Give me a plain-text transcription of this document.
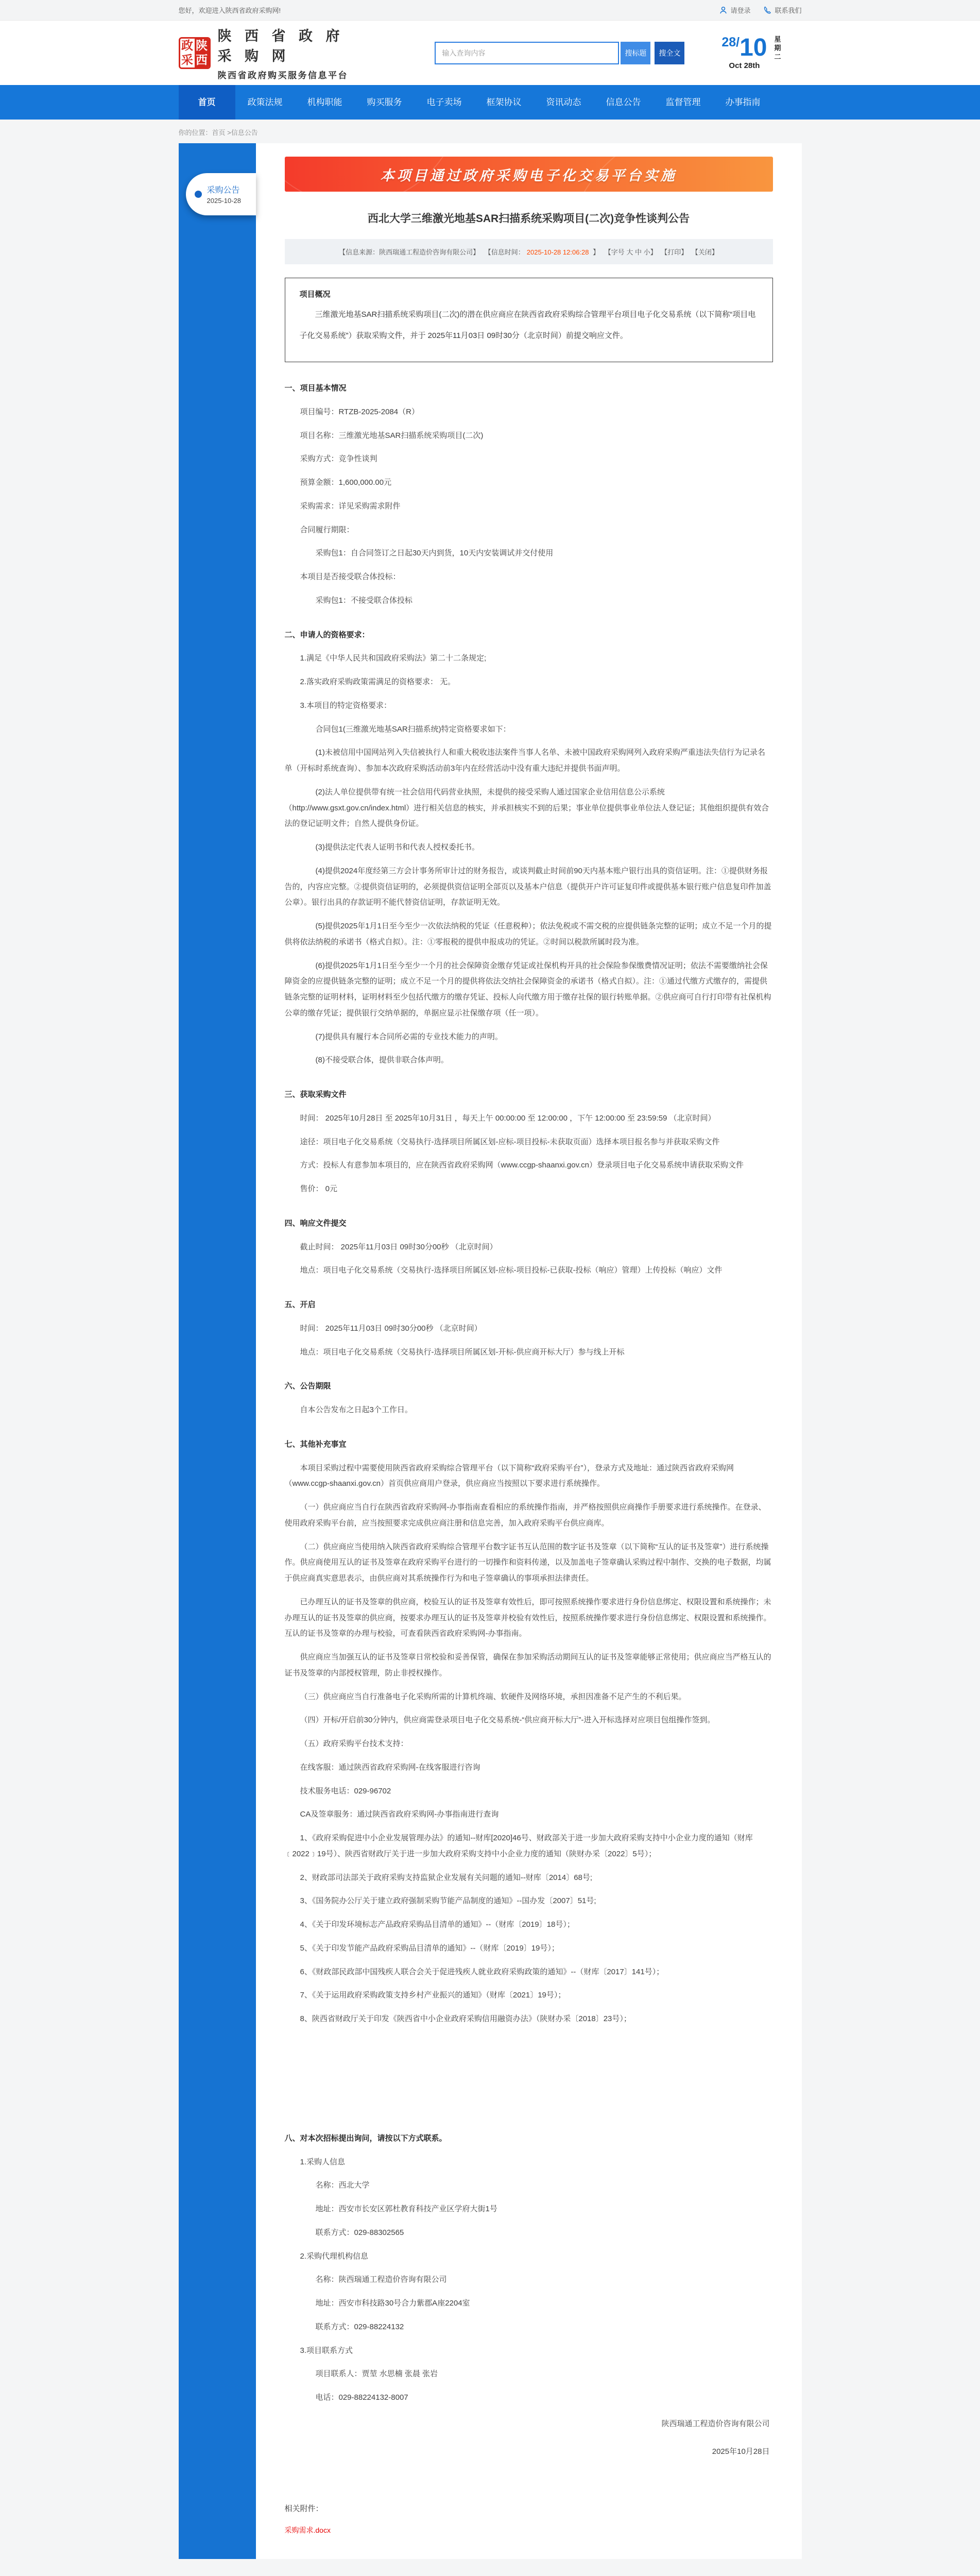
您好，欢迎进入陕西省政府采购网!	请登录	联系我们
政 陕
采 西
陕 西 省 政 府 采 购 网
陕西省政府购买服务信息平台
输入查询内容
搜标题	搜全文
28/10
Oct 28th
星期二
首页	政策法规	机构职能	购买服务	电子卖场	框架协议	资讯动态	信息公告	监督管理	办事指南
你的位置：首页 >信息公告
采购公告
2025-10-28
本项目通过政府采购电子化交易平台实施
西北大学三维激光地基SAR扫描系统采购项目(二次)竞争性谈判公告
【信息来源：陕西瑞通工程造价咨询有限公司】 【信息时间： 2025-10-28 12:06:28 】 【字号 大 中 小】 【打印】 【关闭】
项目概况
三维激光地基SAR扫描系统采购项目(二次)的潜在供应商应在陕西省政府采购综合管理平台项目电子化交易系统（以下简称“项目电子化交易系统”）获取采购文件，并于 2025年11月03日 09时30分（北京时间）前提交响应文件。

一、项目基本情况

项目编号：RTZB-2025-2084（R）

项目名称：三维激光地基SAR扫描系统采购项目(二次)

采购方式：竞争性谈判

预算金额：1,600,000.00元

采购需求：详见采购需求附件

合同履行期限：

采购包1：自合同签订之日起30天内到货，10天内安装调试并交付使用

本项目是否接受联合体投标：

采购包1：不接受联合体投标

二、申请人的资格要求：

1.满足《中华人民共和国政府采购法》第二十二条规定;

2.落实政府采购政策需满足的资格要求： 无。

3.本项目的特定资格要求：

合同包1(三维激光地基SAR扫描系统)特定资格要求如下：

(1)未被信用中国网站列入失信被执行人和重大税收违法案件当事人名单、未被中国政府采购网列入政府采购严重违法失信行为记录名单（开标时系统查询）、参加本次政府采购活动前3年内在经营活动中没有重大违纪并提供书面声明。

(2)法人单位提供带有统一社会信用代码营业执照，未提供的接受采购人通过国家企业信用信息公示系统（http://www.gsxt.gov.cn/index.html）进行相关信息的核实，并承担核实不到的后果；事业单位提供事业单位法人登记证；其他组织提供有效合法的登记证明文件；自然人提供身份证。

(3)提供法定代表人证明书和代表人授权委托书。

(4)提供2024年度经第三方会计事务所审计过的财务报告，或谈判截止时间前90天内基本账户银行出具的资信证明。注：①提供财务报告的，内容应完整。②提供资信证明的，必须提供资信证明全部页以及基本户信息（提供开户许可证复印件或提供基本银行账户信息复印件加盖公章）。银行出具的存款证明不能代替资信证明，存款证明无效。

(5)提供2025年1月1日至今至少一次依法纳税的凭证（任意税种）；依法免税或不需交税的应提供链条完整的证明；成立不足一个月的提供将依法纳税的承诺书（格式自拟）。注：①零报税的提供申报成功的凭证。②时间以税款所属时段为准。

(6)提供2025年1月1日至今至少一个月的社会保障资金缴存凭证或社保机构开具的社会保险参保缴费情况证明；依法不需要缴纳社会保障资金的应提供链条完整的证明；成立不足一个月的提供将依法交纳社会保障资金的承诺书（格式自拟）。注：①通过代缴方式缴存的，需提供链条完整的证明材料，证明材料至少包括代缴方的缴存凭证、投标人向代缴方用于缴存社保的银行转账单据。②供应商可自行打印带有社保机构公章的缴存凭证；提供银行交纳单据的，单据应显示社保缴存项（任一项）。

(7)提供具有履行本合同所必需的专业技术能力的声明。

(8)不接受联合体，提供非联合体声明。

三、获取采购文件

时间： 2025年10月28日 至 2025年10月31日 ，每天上午 00:00:00 至 12:00:00 ，下午 12:00:00 至 23:59:59 （北京时间）

途径：项目电子化交易系统（交易执行-选择项目所属区划-应标-项目投标-未获取页面）选择本项目报名参与并获取采购文件

方式：投标人有意参加本项目的，应在陕西省政府采购网（www.ccgp-shaanxi.gov.cn）登录项目电子化交易系统申请获取采购文件

售价： 0元

四、响应文件提交

截止时间： 2025年11月03日 09时30分00秒 （北京时间）

地点：项目电子化交易系统（交易执行-选择项目所属区划-应标-项目投标-已获取-投标（响应）管理）上传投标（响应）文件

五、开启

时间： 2025年11月03日 09时30分00秒 （北京时间）

地点：项目电子化交易系统（交易执行-选择项目所属区划-开标-供应商开标大厅）参与线上开标

六、公告期限

自本公告发布之日起3个工作日。

七、其他补充事宜

本项目采购过程中需要使用陕西省政府采购综合管理平台（以下简称“政府采购平台”），登录方式及地址：通过陕西省政府采购网（www.ccgp-shaanxi.gov.cn）首页供应商用户登录，供应商应当按照以下要求进行系统操作。

（一）供应商应当自行在陕西省政府采购网-办事指南查看相应的系统操作指南，并严格按照供应商操作手册要求进行系统操作。在登录、使用政府采购平台前，应当按照要求完成供应商注册和信息完善，加入政府采购平台供应商库。

（二）供应商应当使用纳入陕西省政府采购综合管理平台数字证书互认范围的数字证书及签章（以下简称“互认的证书及签章”）进行系统操作。供应商使用互认的证书及签章在政府采购平台进行的一切操作和资料传递，以及加盖电子签章确认采购过程中制作、交换的电子数据，均属于供应商真实意思表示，由供应商对其系统操作行为和电子签章确认的事项承担法律责任。

已办理互认的证书及签章的供应商，校验互认的证书及签章有效性后，即可按照系统操作要求进行身份信息绑定、权限设置和系统操作；未办理互认的证书及签章的供应商，按要求办理互认的证书及签章并校验有效性后，按照系统操作要求进行身份信息绑定、权限设置和系统操作。互认的证书及签章的办理与校验，可查看陕西省政府采购网-办事指南。

供应商应当加强互认的证书及签章日常校验和妥善保管，确保在参加采购活动期间互认的证书及签章能够正常使用；供应商应当严格互认的证书及签章的内部授权管理，防止非授权操作。

（三）供应商应当自行准备电子化采购所需的计算机终端、软硬件及网络环境，承担因准备不足产生的不利后果。

（四）开标/开启前30分钟内，供应商需登录项目电子化交易系统-“供应商开标大厅”-进入开标选择对应项目包组操作签到。

（五）政府采购平台技术支持：

在线客服：通过陕西省政府采购网-在线客服进行咨询

技术服务电话：029-96702

CA及签章服务：通过陕西省政府采购网-办事指南进行查询

1、《政府采购促进中小企业发展管理办法》的通知--财库[2020]46号、财政部关于进一步加大政府采购支持中小企业力度的通知（财库﹝2022﹞19号）、陕西省财政厅关于进一步加大政府采购支持中小企业力度的通知（陕财办采〔2022〕5号）；

2、财政部司法部关于政府采购支持监狱企业发展有关问题的通知--财库〔2014〕68号;

3、《国务院办公厅关于建立政府强制采购节能产品制度的通知》--国办发〔2007〕51号;

4、《关于印发环境标志产品政府采购品目清单的通知》--（财库〔2019〕18号）；

5、《关于印发节能产品政府采购品目清单的通知》--（财库〔2019〕19号）；

6、《财政部民政部中国残疾人联合会关于促进残疾人就业政府采购政策的通知》--（财库〔2017〕141号）；

7、《关于运用政府采购政策支持乡村产业振兴的通知》（财库〔2021〕19号）；

8、陕西省财政厅关于印发《陕西省中小企业政府采购信用融资办法》（陕财办采〔2018〕23号）；

八、对本次招标提出询问，请按以下方式联系。

1.采购人信息

名称：西北大学

地址：西安市长安区郭杜教育科技产业区学府大街1号

联系方式：029-88302565

2.采购代理机构信息

名称：陕西瑞通工程造价咨询有限公司

地址：西安市科技路30号合力紫郡A座2204室

联系方式：029-88224132

3.项目联系方式

项目联系人：贾堃 水思楠 张晨 张岩

电话：029-88224132-8007

陕西瑞通工程造价咨询有限公司

2025年10月28日

相关附件：
采购需求.docx
